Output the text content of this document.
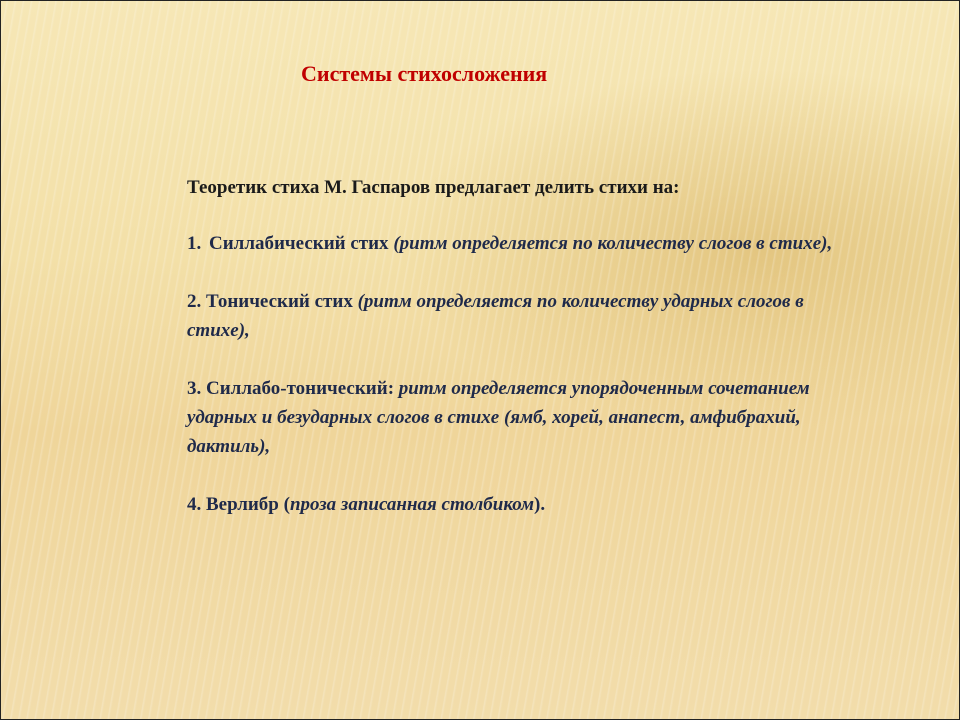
Системы стихосложения

Теоретик стиха М. Гаспаров предлагает делить стихи на:

1. Силлабический стих (ритм определяется по количеству слогов в стихе),

2. Тонический стих (ритм определяется по количеству ударных слогов в стихе),

3. Силлабо-тонический: ритм определяется упорядоченным сочетанием ударных и безударных слогов в стихе (ямб, хорей, анапест, амфибрахий, дактиль),

4. Верлибр (проза записанная столбиком).
